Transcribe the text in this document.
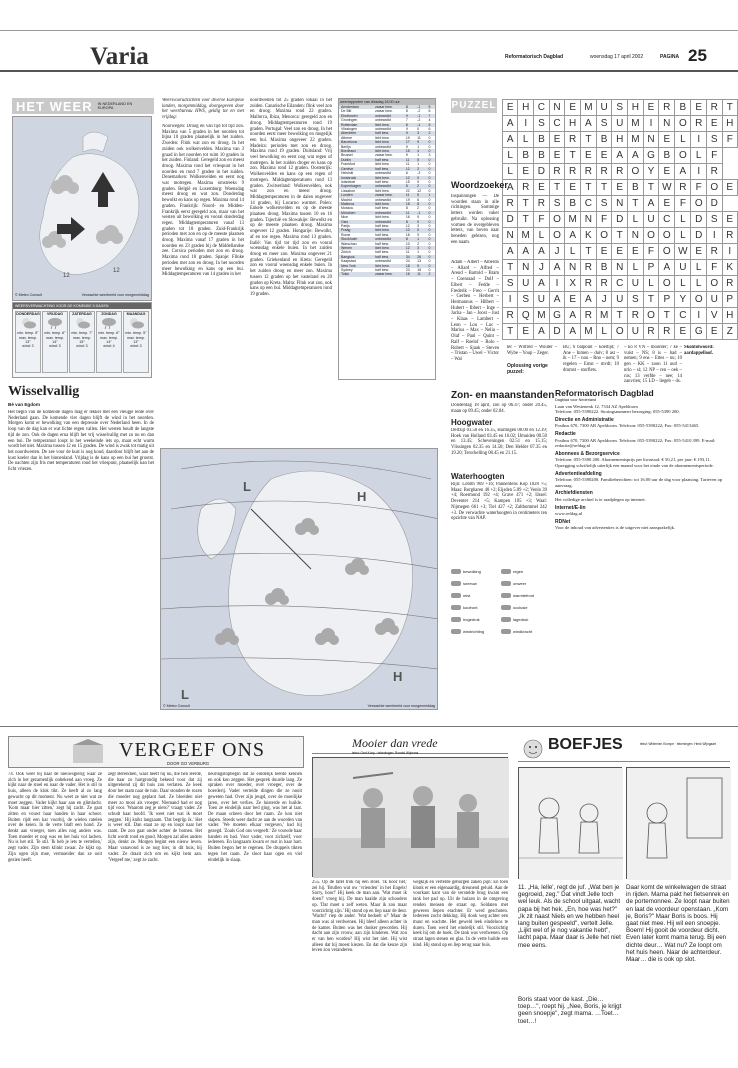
Varia	Reformatorisch Dagblad	woensdag 17 april 2002	PAGINA 25
HET WEER IN NEDERLAND EN EUROPA
12
12
© Meteo Consult	Verwachte weerbeeld voor morgenmiddag
WEERSVERWACHTING VOOR DE KOMENDE 5 DAGEN
DONDERDAG
min. temp. 5°
max. temp. 13°
wind: 3
VRIJDAG
min. temp. 6°
max. temp. 14°
wind: 3
ZATERDAG
min. temp. 7°
max. temp. 15°
wind: 3
ZONDAG
min. temp. 6°
max. temp. 14°
wind: 4
MAANDAG
min. temp. 5°
max. temp. 13°
wind: 3
Wisselvallig
Bé van Egdom
Het begin van de komende dagen mag er lekker met een vleugje lente over Nederland gaan. De komende vier dagen blijft de wind in het noorden. Morgen komt er bewolking van een depressie over Nederland heen. In de loop van de dag kan er wat lichte regen vallen. Het westen houdt de langste tijd de zon. Ook de dagen erna blijft het vrij wisselvallig met zo nu en dan een bui. De temperatuur loopt in het weekeinde iets op, maar echt warm wordt het niet. Maxima tussen 12 en 15 graden. De wind is zwak tot matig uit het noordwesten. De zee voor de kust is nog koud, daardoor blijft het aan de kust koeler dan in het binnenland. Vrijdag is de kans op een bui het grootst. De nachten zijn fris met temperaturen rond het vriespunt, plaatselijk kan het licht vriezen.
Weersvooruitzichten voor diverse Europese landen, morgenmiddag, doorgegeven door het weerbureau HWS, geldig tot en met vrijdag:
Noorwegen: Droog en van tijd tot tijd zon. Maxima van 5 graden in het noorden tot bijna 10 graden plaatselijk in het zuiden. Zweden: Flink wat zon en droog. In het zuiden ook wolkenvelden. Maxima van 3 graad in het noorden tot ruim 10 graden in het zuiden. Finland: Geregeld zon en meest droog. Maxima rond het vriespunt in het noorden en rond 7 graden in het zuiden. Denemarken: Wolkenvelden en eerst nog wat motregen. Maxima omstreeks 9 graden. België en Luxemburg: Woensdag meest droog en wat zon. Donderdag bewolkt en kans op regen. Maxima rond 14 graden. Frankrijk: Noord- en Midden-Frankrijk eerst geregeld zon, maar van het westen uit bewolking en vooral donderdag regen. Middagtemperaturen vanaf 13 graden tot 18 graden. Zuid-Frankrijk perioden met zon en op de meeste plaatsen droog. Maxima vanaf 17 graden in het noorden en 23 graden bij de Middellandse zee. Corsica perioden met zon en droog. Maxima rond 18 graden. Spanje: Flinke perioden met zon en droog. In het noorden meer bewolking en kans op een bui. Middagtemperaturen van 14 graden in het
noordwesten tot 25 graden lokaal in het zuiden. Canarische Eilanden: flink veel zon en droog. Maxima rond 22 graden. Mallorca, Ibiza, Menorca: geregeld zon en droog. Middagtemperaturen rond 19 graden. Portugal: Veel zon en droog. In het noorden eerst meer bewolking en mogelijk een bui. Maxima ongeveer 22 graden. Madeira: perioden met zon en droog. Maxima rond 19 graden. Duitsland: Vrij veel bewolking en eerst nog wat regen of motregen. In het zuiden droger en kans op zon. Maxima rond 12 graden. Oostenrijk: Wolkenvelden en kans op een regen of motregen. Middagtemperaturen rond 13 graden. Zwitserland: Wolkenvelden, ook wat zon en meest droog. Middagtemperaturen in de dalen ongeveer 14 graden, bij Locarno warmer. Polen: Enkele wolkenvelden en op de meeste plaatsen droog. Maxima tussen 10 en 16 graden. Tsjechië en Slowakije: Bewolkt en op de meeste plaatsen droog. Maxima ongeveer 12 graden. Hongarije: Bewolkt, af en toe regen. Maxima rond 13 graden. Italië: Van tijd tot tijd zon en vooral woensdag enkele buien. In het zuiden droog en meer zon. Maxima ongeveer 21 graden. Griekenland en Kreta: Geregeld zon en vooral woensdag enkele buien. In het zuiden droog en meer zon. Maxima tussen 12 graden op het vasteland en 20 graden op Kreta. Malta: Flink wat zon, ook kans op een bui. Middagtemperaturen rond 19 graden.
weerrapporten van dinsdag 18.00 uur
Amsterdam	zwaar bew.	8	-1	5
De Bilt	zwaar bew.	8	-2	6
Eindhoven	onbewolkt	9	-1	7
Groningen	onbewolkt	7	-2	4
Rotterdam	licht bew.	8	-1	6
Vlissingen	onbewolkt	9	0	6
Aberdeen	half bew.	9	3	2
Athene	licht bew.	19	11	0
Barcelona	licht bew.	17	9	0
Berlijn	onbewolkt	9	1	0
Bordeaux	licht bew.	15	4	0
Brussel	zwaar bew.	9	1	3
Dublin	half bew.	11	5	0
Frankfurt	licht bew.	11	1	0
Genève	half bew.	12	2	0
Helsinki	onbewolkt	6	-3	0
Innsbruck	licht bew.	12	0	0
Istanboel	half bew.	15	9	0
Kopenhagen	onbewolkt	8	2	0
Lissabon	licht bew.	22	12	0
Londen	zwaar bew.	11	5	1
Madrid	onbewolkt	19	6	0
Mallorca	licht bew.	18	8	0
Moskou	half bew.	8	2	0
München	onbewolkt	11	-1	0
Nice	licht bew.	16	9	0
Oslo	onbewolkt	8	0	0
Parijs	half bew.	12	3	0
Praag	licht bew.	10	0	0
Rome	half bew.	18	9	0
Stockholm	onbewolkt	8	1	0
Warschau	half bew.	10	2	0
Wenen	licht bew.	12	3	0
Zürich	half bew.	11	1	0
Bangkok	half bew.	34	26	0
Kaapstad	onbewolkt	24	13	0
New York	licht bew.	18	9	0
Sydney	half bew.	23	15	0
Tokio	zwaar bew.	16	11	2
L
H
L
H
© Meteo Consult	Verwachte weerbeeld voor morgenmiddag
PUZZEL E	H	C	N	E	M	U	S	H	E	R	B	E	R	T
A	I	S	C	H	A	S	U	M	I	N	O	R	E	H
A	L	B	E	R	T	B	H	M	N	E	L	I	S	F
L	B	B	E	T	E	E	A	A	G	B	O	L	F	
L	E	D	R	R	R	R	R	O	Y	E	A	I	R	
A	R	E	T	E	T	T	E	B	T	W	R	F	O	E
R	T	R	S	B	C	S	N	T	A	E	F	O	D	
D	T	F	O	M	N	F	D	L	U	C	L	D	S	E
N	M	L	O	A	K	O	T	N	O	O	L	D	I	R
A	A	A	J	L	T	E	E	E	F	O	W	E	R	I
T	N	J	A	N	R	B	N	L	P	A	U	L	F	K
S	U	A	I	X	R	R	C	U	L	O	L	L	O	R
I	S	U	A	E	A	J	U	S	T	P	Y	O	U	P
R	Q	M	G	A	R	M	T	R	O	T	C	I	V	H
T	E	A	D	A	M	L	O	U	R	R	E	G	E	Z
Woordzoeker
Inspanningen — De woorden staan in alle richtingen. Sommige letters worden vaker gebruikt. Na oplossing vormen de overgebleven letters, van boven naar beneden gelezen, nog een naam.
Adam – Albert – Alberdo – Allard – Alfred – Arend – Bartold – Bram – Coenraad – Dolf – Eibert – Fedde – Frederik – Freo – Gerrit – Gerben – Herbert – Hermannus – Hilbert – Hubert – Ibbert – Inge – Jacha – Jan – Joost – Just – Klaas – Lambert – Leon – Lou – Luc – Marius – Max – Nelia – Olaf – Paul – Quint – Ralf – Roelof – Rolo – Robert – Sjaak – Steven – Tristan – Uwel – Victor – Wal
ter – Wilfred – Wouter – Wybe – Youp – Zeger.
Oplossing vorige puzzel:
BU; 6 balpoint – koeltijd; 7 Ane – Inmen – duiv; 8 ast – ik – 17 – nou – Rno – nem; 9 regelen – Emst – mvdt; 10 drumst – storflets.
– ko 8 VN – moonter; 7 ke – vuist – NS; 8 is – bad – nemen; 9 ens – Ettes – nu; 10 gen – KK – zoon 11 uurl – nrlo – sl; 12 NP – ren – oek – rus; 13 verfde – nee; 14 zanvrien; 15 LD – liegeb – ds.
Skontolwoord: aardappelloof.
Zon- en maanstanden
Donderdag 18 april, zon op 06.47; onder 20.45, maan op 09.45; onder 02.04.
Hoogwater
Delfzijl 03.50 en 16.35, Harlingen 00.00 en 12.39; Hoek van Holland 03.45 en 16.02; IJmuiden 00.50 en 13.45; Scheveningen 02.51 en 15.15; Vlissingen 02.35 en 14.50; Den Helder 07.35 en 19.20; Terschelling 08.45 en 21.15.
Waterhoogten
Rijn: Lobith 969 +16; Pannerdens Kop 1028 +5; Maas: Borgharen 48 +2; Eijsden 5.09 +2; Venlo 39 +4; Roermond 192 +4; Grave 471 +2; IJssel: Deventer 214 +5; Kampen 105 +3; Waal: Nijmegen 661 +3; Tiel 427 +2; Zaltbommel 242 +3. De verwachte waterhoogten in centimeters ten opzichte van NAP.
bewolking	regen
sneeuw	onweer
mist	warmtefront
koufront	occlusie
hogedruk	lagedruk
windrichting	windkracht
Reformatorisch Dagblad
Dagblad voor Nederland
Laan van Westenenk 12, 7334 AZ Apeldoorn
Telefoon: 055-5390222. Storingsnummer bezorging: 055-5390 200.
Directie en Administratie
Postbus 670, 7300 AR Apeldoorn. Telefoon: 055-5390222; Fax: 055-5413465.
Redactie
Postbus 670, 7300 AR Apeldoorn. Telefoon: 055-5390222; Fax: 055-5410 399. E-mail: redactie@refdag.nl
Abonnees & Bezorgservice
Telefoon: 055-5390 200. Abonnementsprijs per kwartaal: € 50,21, per jaar: € 193,11. Opzegging schriftelijk uiterlijk een maand voor het einde van de abonnementsperiode.
Advertentieafdeling
Telefoon: 055-5390200. Familieberichten: tot 16.00 uur de dag voor plaatsing. Tarieven op aanvraag.
Archiefdiensten
Het volledige archief is te raadplegen op internet.
Internet/E-lin
www.refdag.nl
RDNet
Voor de inhoud van advertenties is de uitgever niet aansprakelijk.
VERGEEF ONS
DOOR GO VERBURG
74. Ook weer bij haar de nieuwsgierig waar ze zich in het gezamenlijk onbekend aan vroeg. Ze kijkt naar de stoel en naar de vader. Het is stil in huis, alleen de klok tikt. Ze heeft al zo lang gewacht op dit moment. Nu weet ze niet wat ze moet zeggen. Vader kijkt haar aan en glimlacht. 'Kom maar hier zitten,' zegt hij zacht. Ze gaat zitten en vouwt haar handen in haar schoot. Buiten rijdt een kar voorbij, de wielen ratelen over de keien. In de verte blaft een hond. Ze denkt aan vroeger, toen alles nog anders was. Toen moeder er nog was en het huis vol lachen. Nu is het stil. Te stil. 'Ik heb je iets te vertellen,' zegt vader. Zijn stem klinkt zwaar. Ze kijkt op. Zijn ogen zijn moe, vermoeider dan ze ooit gezien heeft.
zegt Berendien, waar heeft hij nu, die hen leerde, die haar zo hartgrondig bekend voor dat zij uitgerekend zij dit huis zou verlaten. Ze keek door het raam naar de tuin. Daar stonden de rozen die moeder nog geplant had. Ze bloeiden niet meer zo mooi als vroeger. Niemand had er nog tijd voor. 'Waarom zeg je niets?' vraagt vader. Ze schudt haar hoofd. 'Ik weet niet wat ik moet zeggen.' Hij knikt langzaam. 'Dat begrijp ik.' Het is weer stil. Dan staat ze op en loopt naar het raam. De zon gaat onder achter de bomen. Het licht wordt rood en goud. Morgen zal alles anders zijn, denkt ze. Morgen begint een nieuw leven. Maar vanavond is ze nog hier, in dit huis, bij vader. Ze draait zich om en kijkt hem aan. 'Vergeef me,' zegt ze zacht.
neuringstopbegin dat ze eindelijk leerde kennen en ook kon zeggen. Het gesprek duurde lang. Ze spraken over moeder, over vroeger, over de boerderij. Vader vertelde dingen die ze nooit geweten had. Over zijn jeugd, over de moeilijke jaren, over het verlies. Ze luisterde en huilde. Toen ze eindelijk naar bed ging, was het al laat. De maan scheen door het raam. Ze kon niet slapen. Steeds weer dacht ze aan de woorden van vader. 'We moeten elkaar vergeven,' had hij gezegd. 'Zoals God ons vergeeft.' Ze vouwde haar handen en bad. Voor vader, voor zichzelf, voor iedereen. En langzaam kwam er rust in haar hart. Buiten begon het te regenen. De druppels tikten tegen het raam. Ze sloot haar ogen en viel eindelijk in slaap.
Mooier dan vrede
tekst: Gert Kooy · tekeningen: Ronald Wijnsma
255. Op de tafel trok hij een stoel. 'Ik hoor het,' zei hij. 'Brullen wat uw ‘vrienden’ in het Engels! Sorry, hoor!' Hij keek de man aan. 'Wat moet ik doen?' vroeg hij. De man haalde zijn schouders op. 'Dat moet u zelf weten. Maar ik zou maar voorzichtig zijn.' Hij stond op en liep naar de deur. 'Wacht!' riep de ander. 'Wat bedoelt u?' Maar de man was al verdwenen. Hij bleef alleen achter in de kamer. Buiten was het donker geworden. Hij dacht aan zijn vrouw, aan zijn kinderen. Wat zou er van hen worden? Hij wist het niet. Hij wist alleen dat hij moest kiezen. En dat die keuze zijn leven zou veranderen.
wegkijk en vertelde geborgen zaken pijn: En toen klonk er een eigenaardig, dreunend geluid. Aan de voorkant kant van de verstelde brug kwam een tank het pad op. Uit de huizen in de omgeving renden mensen de straat op. Soldaten met geweren liepen erachter. Er werd geschoten. Iedereen zocht dekking. Hij dook weg achter een muur en wachtte. Het geweld leek eindeloos te duren. Toen werd het eindelijk stil. Voorzichtig keek hij om de hoek. De tank was verdwenen. Op straat lagen stenen en glas. In de verte huilde een kind. Hij stond op en liep terug naar huis.
BOEFJES	tekst: Willemien Klompe · tekeningen: Henk Wijngaart
11. „Ha, lelle', regt de juf. „Wat ben je gegroeid, zeg." Dat vindt Jelle toch wel leuk. Als de school uitgaat, wacht papa bij het hek. „En, hoe was het?" „Ik zit naast Niels en we hebben heel lang buiten gespeeld", vertelt Jelle. „Lijkt wel of je nog vakantie hebt", lacht papa. Maar daar is Jelle het niet mee eens.
Boris staat voor de kast. „Die… toep…", roept hij. „Nee, Boris, je krijgt geen snoepje", zegt mama. …Toet…toet…!
Daar komt de winkelwagen de straat in rijden. Mama pakt het fietsenrek en de portemonnee. Ze loopt naar buiten en laat de voordeur openstaan. „Kom je, Boris?" Maar Boris is boos. Hij gaat niet mee. Hij wil een snoepje. Boem! Hij gooit de voordeur dicht. Even later komt mama terug. Bij een dichte deur… Wat nu? Ze loopt om het huis heen. Naar de achterdeur. Maar… die is ook op slot.
